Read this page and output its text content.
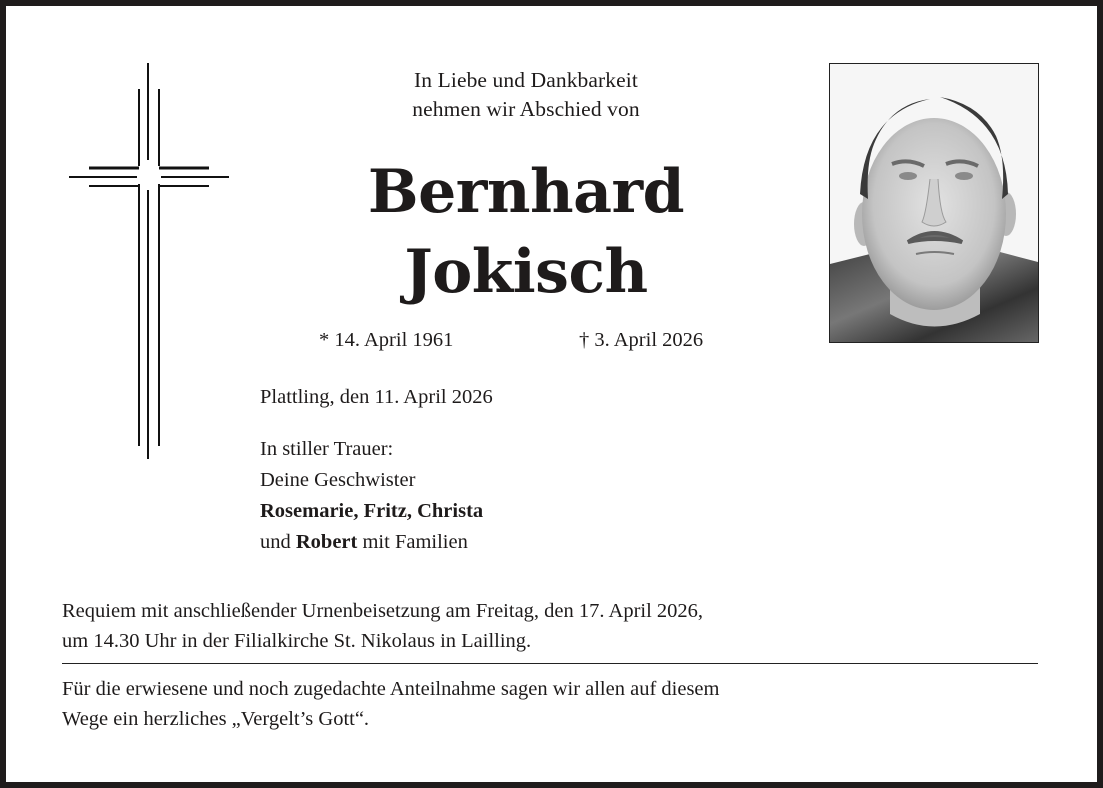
In Liebe und Dankbarkeit
nehmen wir Abschied von
Bernhard
Jokisch
* 14. April 1961	† 3. April 2026
Plattling, den 11. April 2026
In stiller Trauer:
Deine Geschwister
Rosemarie, Fritz, Christa
und Robert mit Familien
Requiem mit anschließender Urnenbeisetzung am Freitag, den 17. April 2026,
um 14.30 Uhr in der Filialkirche St. Nikolaus in Lailling.
Für die erwiesene und noch zugedachte Anteilnahme sagen wir allen auf diesem
Wege ein herzliches „Vergelt’s Gott“.
